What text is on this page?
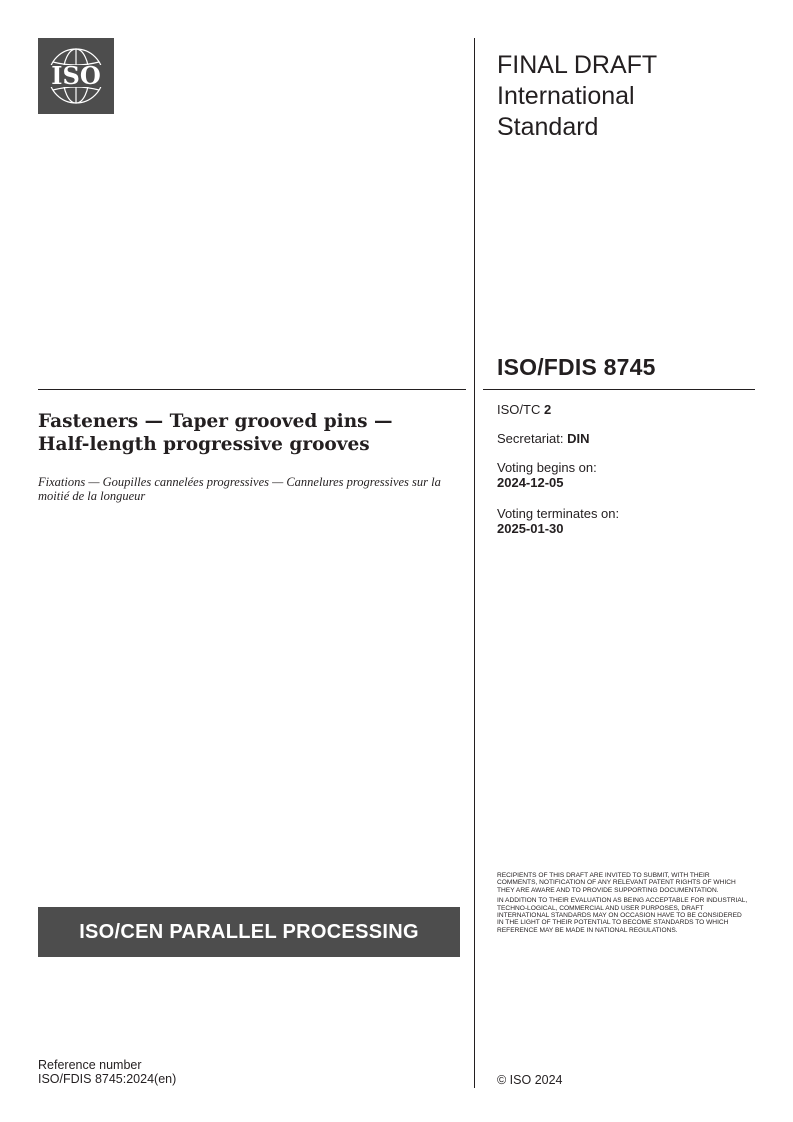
ISO	FINAL DRAFT
International
Standard
ISO/FDIS 8745
Fasteners — Taper grooved pins —
Half-length progressive grooves
Fixations — Goupilles cannelées progressives — Cannelures progressives sur la moitié de la longueur
ISO/TC 2
Secretariat: DIN
Voting begins on:
2024-12-05
Voting terminates on:
2025-01-30

RECIPIENTS OF THIS DRAFT ARE INVITED TO SUBMIT, WITH THEIR COMMENTS, NOTIFICATION OF ANY RELEVANT PATENT RIGHTS OF WHICH THEY ARE AWARE AND TO PROVIDE SUPPORTING DOCUMENTATION.

IN ADDITION TO THEIR EVALUATION AS BEING ACCEPTABLE FOR INDUSTRIAL, TECHNO-LOGICAL, COMMERCIAL AND USER PURPOSES, DRAFT INTERNATIONAL STANDARDS MAY ON OCCASION HAVE TO BE CONSIDERED IN THE LIGHT OF THEIR POTENTIAL TO BECOME STANDARDS TO WHICH REFERENCE MAY BE MADE IN NATIONAL REGULATIONS.

ISO/CEN PARALLEL PROCESSING
Reference number
ISO/FDIS 8745:2024(en)	© ISO 2024
